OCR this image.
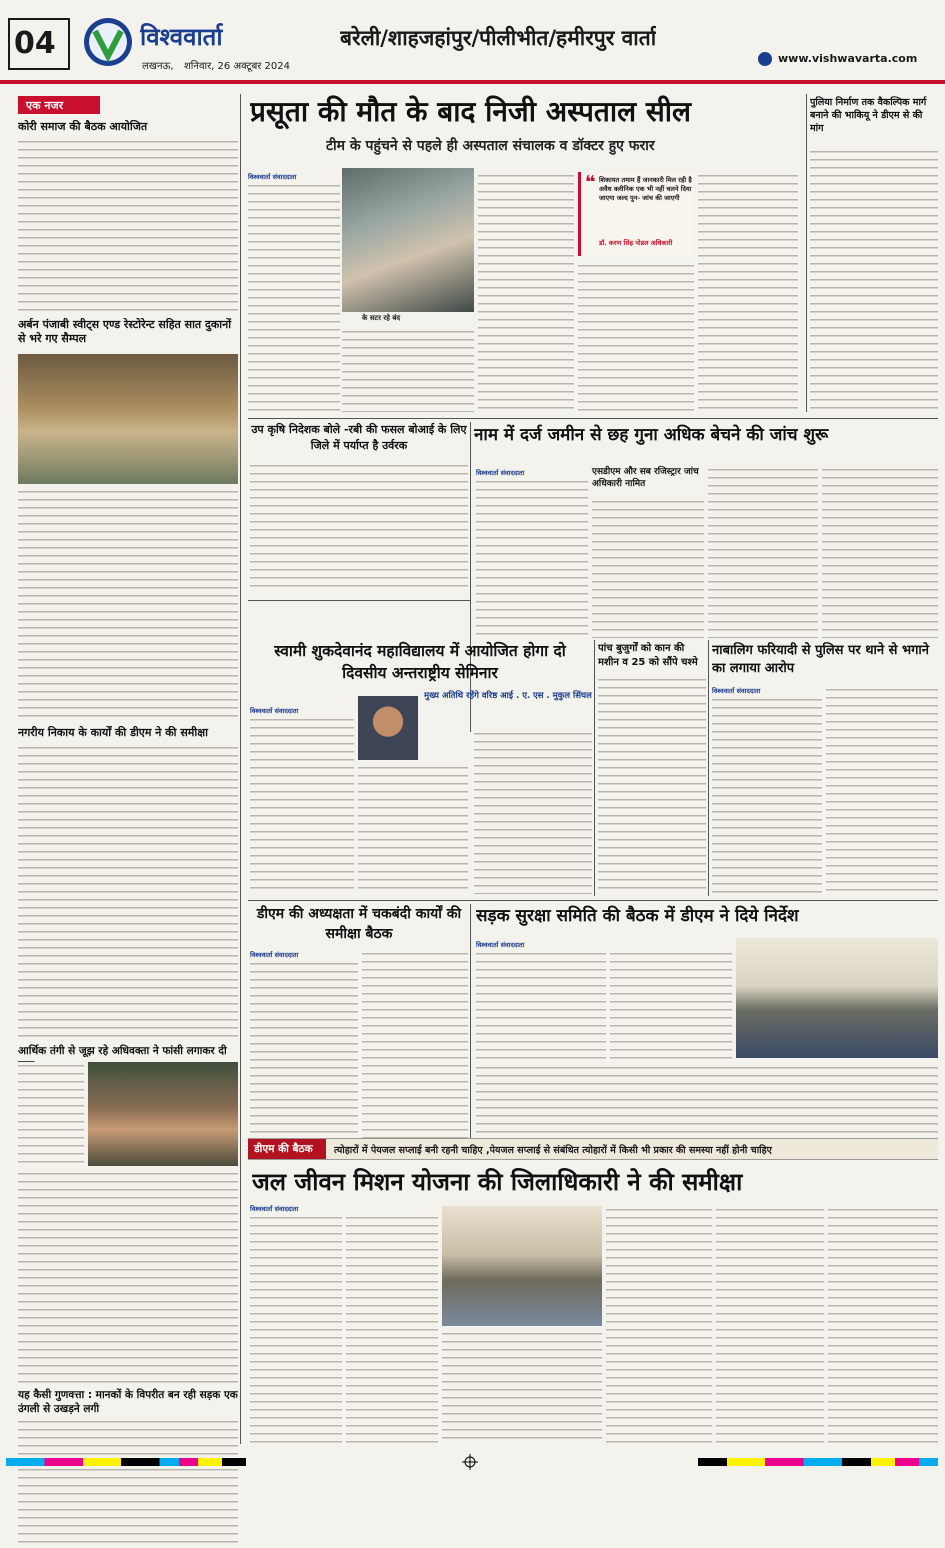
04	विश्ववार्ता
लखनऊ, शनिवार, 26 अक्टूबर 2024
बरेली/शाहजहांपुर/पीलीभीत/हमीरपुर वार्ता
www.vishwavarta.com
एक नजर
कोरी समाज की बैठक आयोजित
अर्बन पंजाबी स्वीट्स एण्ड रेस्टोरेन्ट सहित सात दुकानों से भरे गए सैम्पल
नगरीय निकाय के कार्यों की डीएम ने की समीक्षा
आर्थिक तंगी से जूझ रहे अधिवक्ता ने फांसी लगाकर दी
यह कैसी गुणवत्ता : मानकों के विपरीत बन रही सड़क एक उंगली से उखड़ने लगी
प्रसूता की मौत के बाद निजी अस्पताल सील
टीम के पहुंचने से पहले ही अस्पताल संचालक व डॉक्टर हुए फरार
विश्ववार्ता संवाददाता
के सटर रहे बंद
❝ शिकायत तमाम हैं जानकारी मिल रही है अवैध क्लीनिक एक भी नहीं चलने दिया जाएगा जल्द पुन- जांच की जाएगी
डॉ. करण सिंह नोडल अधिकारी
पुलिया निर्माण तक वैकल्पिक मार्ग बनाने की भाकियू ने डीएम से की मांग
उप कृषि निदेशक बोले -रबी की फसल बोआई के लिए जिले में पर्याप्त है उर्वरक
नाम में दर्ज जमीन से छह गुना अधिक बेचने की जांच शुरू
विश्ववार्ता संवाददाता	एसडीएम और सब रजिस्ट्रार जांच अधिकारी नामित
स्वामी शुकदेवानंद महाविद्यालय में आयोजित होगा दो दिवसीय अन्तराष्ट्रीय सेमिनार
विश्ववार्ता संवाददाता
मुख्य अतिथि रहेंगे वरिष्ठ आई . ए. एस . मुकुल सिंघल
पांच बुजुर्गों को कान की मशीन व 25 को सौंपे चश्मे
नाबालिग फरियादी से पुलिस पर थाने से भगाने का लगाया आरोप
विश्ववार्ता संवाददाता
डीएम की अध्यक्षता में चकबंदी कार्यों की समीक्षा बैठक
विश्ववार्ता संवाददाता
सड़क सुरक्षा समिति की बैठक में डीएम ने दिये निर्देश
विश्ववार्ता संवाददाता
डीएम की बैठक त्योहारों में पेयजल सप्लाई बनी रहनी चाहिए ,पेयजल सप्लाई से संबंधित त्योहारों में किसी भी प्रकार की समस्या नहीं होनी चाहिए
जल जीवन मिशन योजना की जिलाधिकारी ने की समीक्षा
विश्ववार्ता संवाददाता
